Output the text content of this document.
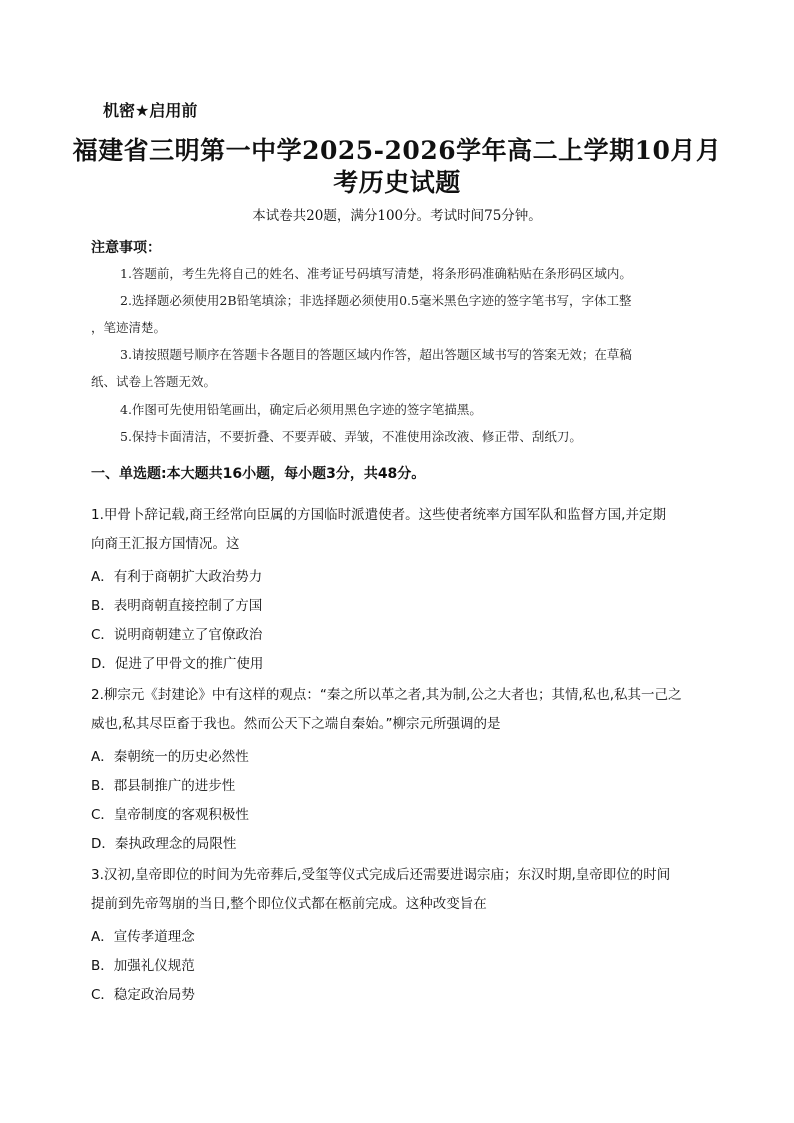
机密★启用前
福建省三明第一中学2025-2026学年高二上学期10月月
考历史试题
本试卷共20题，满分100分。考试时间75分钟。
注意事项：

1.答题前，考生先将自己的姓名、准考证号码填写清楚，将条形码准确粘贴在条形码区域内。

2.选择题必须使用2B铅笔填涂；非选择题必须使用0.5毫米黑色字迹的签字笔书写，字体工整

，笔迹清楚。

3.请按照题号顺序在答题卡各题目的答题区域内作答，超出答题区域书写的答案无效；在草稿

纸、试卷上答题无效。

4.作图可先使用铅笔画出，确定后必须用黑色字迹的签字笔描黑。

5.保持卡面清洁，不要折叠、不要弄破、弄皱，不准使用涂改液、修正带、刮纸刀。

一、单选题:本大题共16小题，每小题3分，共48分。

1.甲骨卜辞记载,商王经常向臣属的方国临时派遣使者。这些使者统率方国军队和监督方国,并定期

向商王汇报方国情况。这

A．有利于商朝扩大政治势力
B．表明商朝直接控制了方国
C．说明商朝建立了官僚政治
D．促进了甲骨文的推广使用

2.柳宗元《封建论》中有这样的观点：“秦之所以革之者,其为制,公之大者也；其情,私也,私其一己之

威也,私其尽臣畜于我也。然而公天下之端自秦始。”柳宗元所强调的是

A．秦朝统一的历史必然性
B．郡县制推广的进步性
C．皇帝制度的客观积极性
D．秦执政理念的局限性

3.汉初,皇帝即位的时间为先帝葬后,受玺等仪式完成后还需要进谒宗庙；东汉时期,皇帝即位的时间

提前到先帝驾崩的当日,整个即位仪式都在柩前完成。这种改变旨在

A．宣传孝道理念
B．加强礼仪规范
C．稳定政治局势
